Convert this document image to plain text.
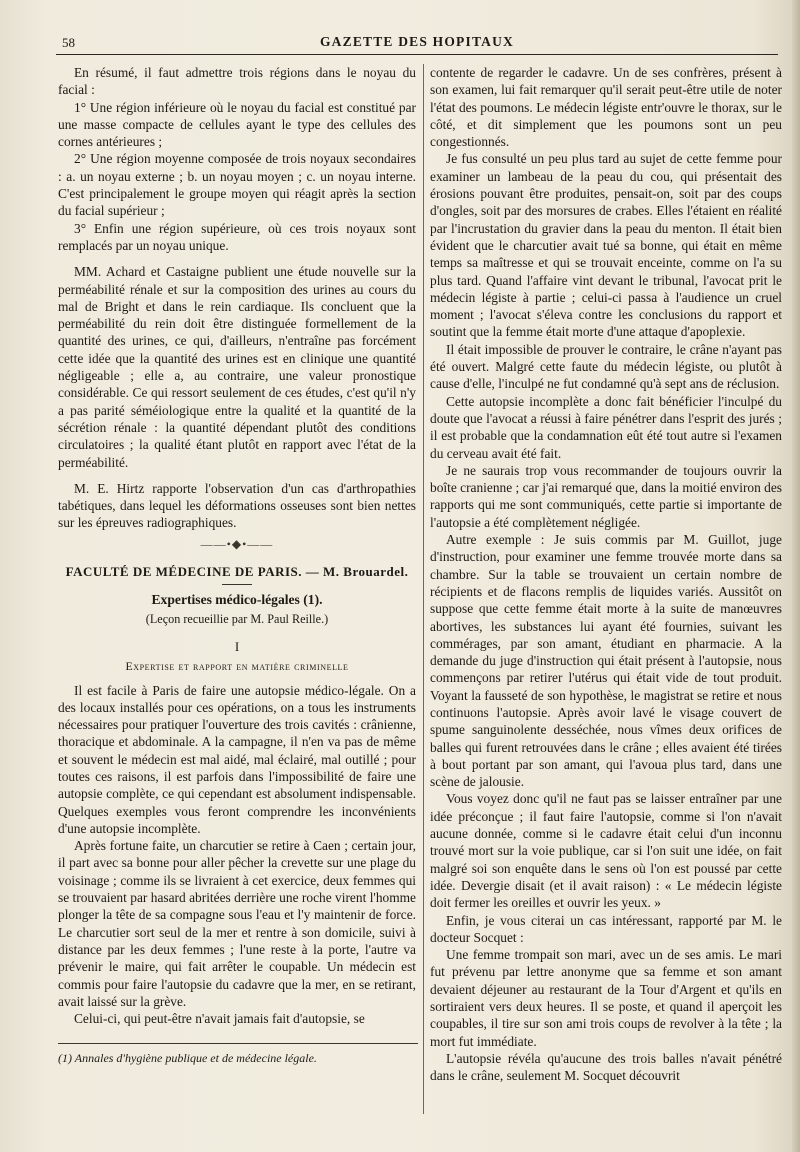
58	GAZETTE DES HOPITAUX

En résumé, il faut admettre trois régions dans le noyau du facial :

1° Une région inférieure où le noyau du facial est constitué par une masse compacte de cellules ayant le type des cellules des cornes antérieures ;

2° Une région moyenne composée de trois noyaux secondaires : a. un noyau externe ; b. un noyau moyen ; c. un noyau interne. C'est principalement le groupe moyen qui réagit après la section du facial supérieur ;

3° Enfin une région supérieure, où ces trois noyaux sont remplacés par un noyau unique.

MM. Achard et Castaigne publient une étude nouvelle sur la perméabilité rénale et sur la composition des urines au cours du mal de Bright et dans le rein cardiaque. Ils concluent que la perméabilité du rein doit être distinguée formellement de la quantité des urines, ce qui, d'ailleurs, n'entraîne pas forcément cette idée que la quantité des urines est en clinique une quantité négligeable ; elle a, au contraire, une valeur pronostique considérable. Ce qui ressort seulement de ces études, c'est qu'il n'y a pas parité séméiologique entre la qualité et la quantité de la sécrétion rénale : la quantité dépendant plutôt des conditions circulatoires ; la qualité étant plutôt en rapport avec l'état de la perméabilité.

M. E. Hirtz rapporte l'observation d'un cas d'arthropathies tabétiques, dans lequel les déformations osseuses sont bien nettes sur les épreuves radiographiques.

——•◆•——
FACULTÉ DE MÉDECINE DE PARIS. — M. Brouardel.
Expertises médico-légales (1).
(Leçon recueillie par M. Paul Reille.)
I
Expertise et rapport en matière criminelle

Il est facile à Paris de faire une autopsie médico-légale. On a des locaux installés pour ces opérations, on a tous les instruments nécessaires pour pratiquer l'ouverture des trois cavités : crânienne, thoracique et abdominale. A la campagne, il n'en va pas de même et souvent le médecin est mal aidé, mal éclairé, mal outillé ; pour toutes ces raisons, il est parfois dans l'impossibilité de faire une autopsie complète, ce qui cependant est absolument indispensable. Quelques exemples vous feront comprendre les inconvénients d'une autopsie incomplète.

Après fortune faite, un charcutier se retire à Caen ; certain jour, il part avec sa bonne pour aller pêcher la crevette sur une plage du voisinage ; comme ils se livraient à cet exercice, deux femmes qui se trouvaient par hasard abritées derrière une roche virent l'homme plonger la tête de sa compagne sous l'eau et l'y maintenir de force. Le charcutier sort seul de la mer et rentre à son domicile, suivi à distance par les deux femmes ; l'une reste à la porte, l'autre va prévenir le maire, qui fait arrêter le coupable. Un médecin est commis pour faire l'autopsie du cadavre que la mer, en se retirant, avait laissé sur la grève.

Celui-ci, qui peut-être n'avait jamais fait d'autopsie, se

(1) Annales d'hygiène publique et de médecine légale.

contente de regarder le cadavre. Un de ses confrères, présent à son examen, lui fait remarquer qu'il serait peut-être utile de noter l'état des poumons. Le médecin légiste entr'ouvre le thorax, sur le côté, et dit simplement que les poumons sont un peu congestionnés.

Je fus consulté un peu plus tard au sujet de cette femme pour examiner un lambeau de la peau du cou, qui présentait des érosions pouvant être produites, pensait-on, soit par des coups d'ongles, soit par des morsures de crabes. Elles l'étaient en réalité par l'incrustation du gravier dans la peau du menton. Il était bien évident que le charcutier avait tué sa bonne, qui était en même temps sa maîtresse et qui se trouvait enceinte, comme on l'a su plus tard. Quand l'affaire vint devant le tribunal, l'avocat prit le médecin légiste à partie ; celui-ci passa à l'audience un cruel moment ; l'avocat s'éleva contre les conclusions du rapport et soutint que la femme était morte d'une attaque d'apoplexie.

Il était impossible de prouver le contraire, le crâne n'ayant pas été ouvert. Malgré cette faute du médecin légiste, ou plutôt à cause d'elle, l'inculpé ne fut condamné qu'à sept ans de réclusion.

Cette autopsie incomplète a donc fait bénéficier l'inculpé du doute que l'avocat a réussi à faire pénétrer dans l'esprit des jurés ; il est probable que la condamnation eût été tout autre si l'examen du cerveau avait été fait.

Je ne saurais trop vous recommander de toujours ouvrir la boîte cranienne ; car j'ai remarqué que, dans la moitié environ des rapports qui me sont communiqués, cette partie si importante de l'autopsie a été complètement négligée.

Autre exemple : Je suis commis par M. Guillot, juge d'instruction, pour examiner une femme trouvée morte dans sa chambre. Sur la table se trouvaient un certain nombre de récipients et de flacons remplis de liquides variés. Aussitôt on suppose que cette femme était morte à la suite de manœuvres abortives, les substances lui ayant été fournies, suivant les commérages, par son amant, étudiant en pharmacie. A la demande du juge d'instruction qui était présent à l'autopsie, nous commençons par retirer l'utérus qui était vide de tout produit. Voyant la fausseté de son hypothèse, le magistrat se retire et nous continuons l'autopsie. Après avoir lavé le visage couvert de spume sanguinolente desséchée, nous vîmes deux orifices de balles qui furent retrouvées dans le crâne ; elles avaient été tirées à bout portant par son amant, qui l'avoua plus tard, dans une scène de jalousie.

Vous voyez donc qu'il ne faut pas se laisser entraîner par une idée préconçue ; il faut faire l'autopsie, comme si l'on n'avait aucune donnée, comme si le cadavre était celui d'un inconnu trouvé mort sur la voie publique, car si l'on suit une idée, on fait malgré soi son enquête dans le sens où l'on est poussé par cette idée. Devergie disait (et il avait raison) : « Le médecin légiste doit fermer les oreilles et ouvrir les yeux. »

Enfin, je vous citerai un cas intéressant, rapporté par M. le docteur Socquet :

Une femme trompait son mari, avec un de ses amis. Le mari fut prévenu par lettre anonyme que sa femme et son amant devaient déjeuner au restaurant de la Tour d'Argent et qu'ils en sortiraient vers deux heures. Il se poste, et quand il aperçoit les coupables, il tire sur son ami trois coups de revolver à la tête ; la mort fut immédiate.

L'autopsie révéla qu'aucune des trois balles n'avait pénétré dans le crâne, seulement M. Socquet découvrit
